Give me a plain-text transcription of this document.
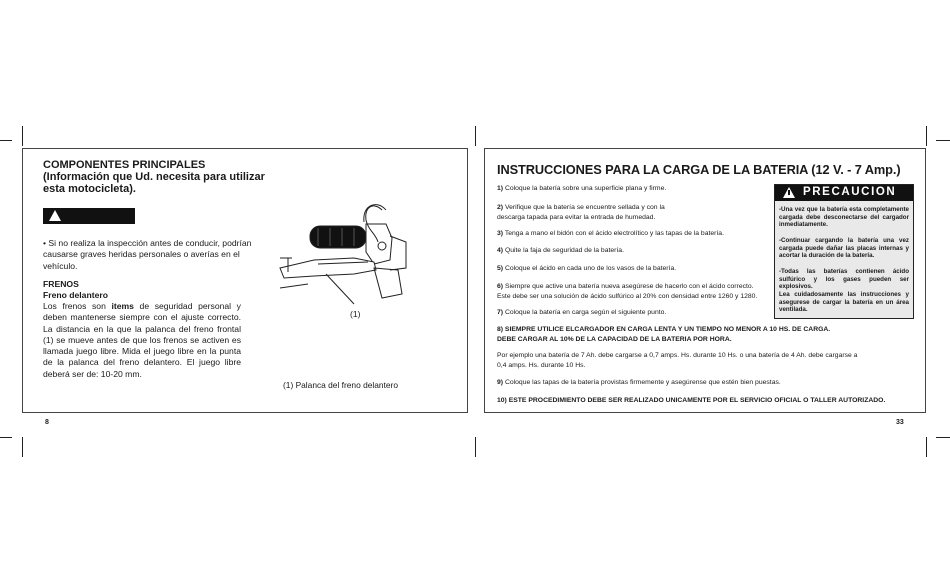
COMPONENTES PRINCIPALES
(Información que Ud. necesita para utilizar
esta motocicleta).
• Si no realiza la inspección antes de conducir, podrían
causarse graves heridas personales o averías en el
vehículo.
FRENOS
Freno delantero
Los frenos son items de seguridad personal y deben mantenerse siempre con el ajuste correcto. La distancia en la que la palanca del freno frontal (1) se mueve antes de que los frenos se activen es llamada juego libre. Mida el juego libre en la punta de la palanca del freno delantero. El juego libre deberá ser de: 10-20 mm.
(1)
(1) Palanca del freno delantero
8
INSTRUCCIONES PARA LA CARGA DE LA BATERIA (12 V. - 7 Amp.)
1) Coloque la batería sobre una superficie plana y firme.
2) Verifique que la batería se encuentre sellada y con la
descarga tapada para evitar la entrada de humedad.
3) Tenga a mano el bidón con el ácido electrolítico y las tapas de la batería.
4) Quite la faja de seguridad de la batería.
5) Coloque el ácido en cada uno de los vasos de la batería.
6) Siempre que active una batería nueva asegúrese de hacerlo con el ácido correcto.
Este debe ser una solución de ácido sulfúrico al 20% con densidad entre 1260 y 1280.
7) Coloque la batería en carga según el siguiente punto.
PRECAUCION
-Una vez que la batería esta completamente cargada debe desconectarse del cargador inmediatamente.
-Continuar cargando la batería una vez cargada puede dañar las placas internas y acortar la duración de la batería.
-Todas las baterías contienen ácido sulfúrico y los gases pueden ser explosivos.
Lea cuidadosamente las instrucciones y asegurese de cargar la batería en un área ventilada.
8) SIEMPRE UTILICE ELCARGADOR EN CARGA LENTA Y UN TIEMPO NO MENOR A 10 HS. DE CARGA.
DEBE CARGAR AL 10% DE LA CAPACIDAD DE LA BATERIA POR HORA.
Por ejemplo una batería de 7 Ah. debe cargarse a 0,7 amps. Hs. durante 10 Hs. o una batería de 4 Ah. debe cargarse a
0,4 amps. Hs. durante 10 Hs.
9) Coloque las tapas de la batería provistas firmemente y asegúrense que estén bien puestas.
10) ESTE PROCEDIMIENTO DEBE SER REALIZADO UNICAMENTE POR EL SERVICIO OFICIAL O TALLER AUTORIZADO.
33
